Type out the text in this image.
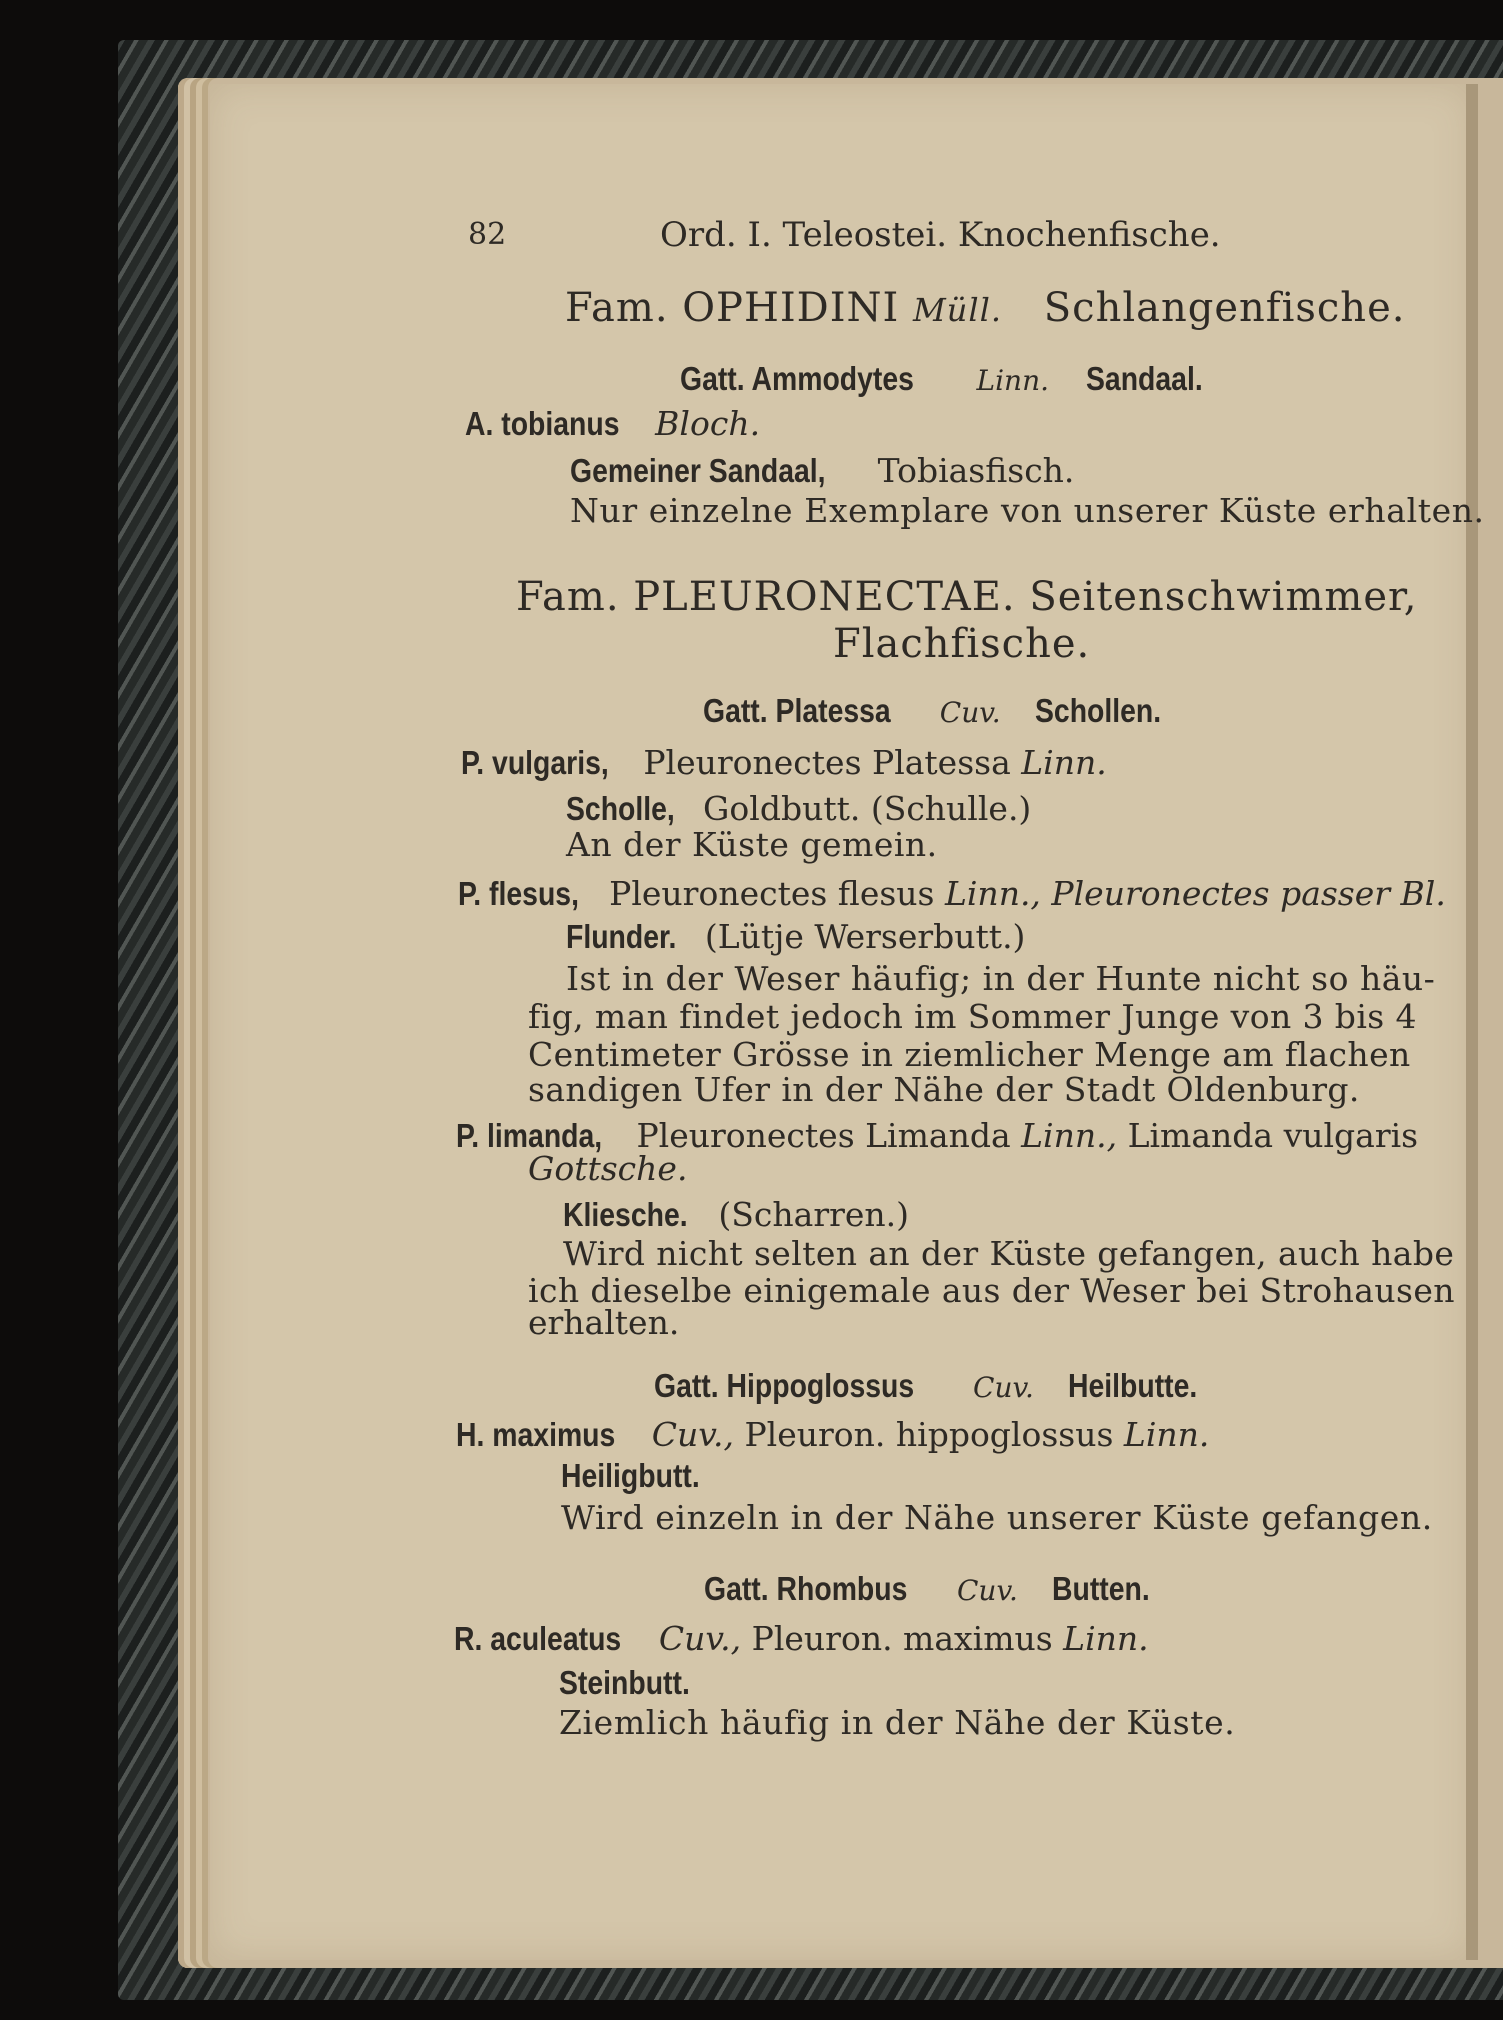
82	Ord. I. Teleostei. Knochenfische.
Fam. OPHIDINI Müll. Schlangenfische.
Gatt. Ammodytes Linn. Sandaal.
A. tobianus Bloch.
Gemeiner Sandaal, Tobiasfisch.
Nur einzelne Exemplare von unserer Küste erhalten.
Fam. PLEURONECTAE. Seitenschwimmer,
Flachfische.
Gatt. Platessa Cuv. Schollen.
P. vulgaris, Pleuronectes Platessa Linn.
Scholle, Goldbutt. (Schulle.)
An der Küste gemein.
P. flesus, Pleuronectes flesus Linn., Pleuronectes passer Bl.
Flunder. (Lütje Werserbutt.)
Ist in der Weser häufig; in der Hunte nicht so häu-
fig, man findet jedoch im Sommer Junge von 3 bis 4
Centimeter Grösse in ziemlicher Menge am flachen
sandigen Ufer in der Nähe der Stadt Oldenburg.
P. limanda, Pleuronectes Limanda Linn., Limanda vulgaris
Gottsche.
Kliesche. (Scharren.)
Wird nicht selten an der Küste gefangen, auch habe
ich dieselbe einigemale aus der Weser bei Strohausen
erhalten.
Gatt. Hippoglossus Cuv. Heilbutte.
H. maximus Cuv., Pleuron. hippoglossus Linn.
Heiligbutt.
Wird einzeln in der Nähe unserer Küste gefangen.
Gatt. Rhombus Cuv. Butten.
R. aculeatus Cuv., Pleuron. maximus Linn.
Steinbutt.
Ziemlich häufig in der Nähe der Küste.
